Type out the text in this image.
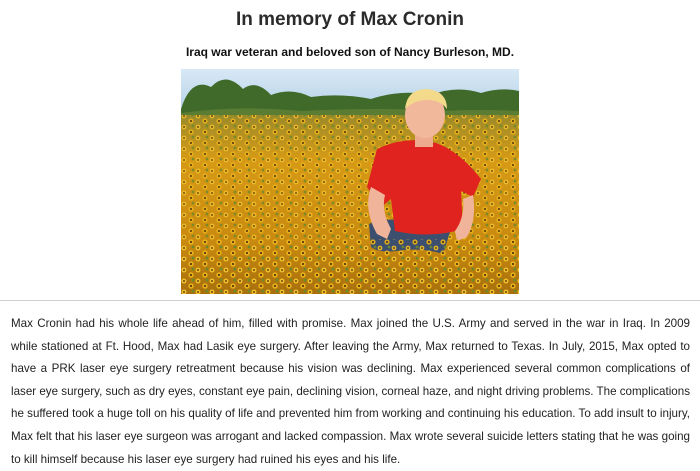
In memory of Max Cronin
Iraq war veteran and beloved son of Nancy Burleson, MD.

Max Cronin had his whole life ahead of him, filled with promise. Max joined the U.S. Army and served in the war in Iraq. In 2009 while stationed at Ft. Hood, Max had Lasik eye surgery. After leaving the Army, Max returned to Texas. In July, 2015, Max opted to have a PRK laser eye surgery retreatment because his vision was declining. Max experienced several common complications of laser eye surgery, such as dry eyes, constant eye pain, declining vision, corneal haze, and night driving problems. The complications he suffered took a huge toll on his quality of life and prevented him from working and continuing his education. To add insult to injury, Max felt that his laser eye surgeon was arrogant and lacked compassion. Max wrote several suicide letters stating that he was going to kill himself because his laser eye surgery had ruined his eyes and his life.
